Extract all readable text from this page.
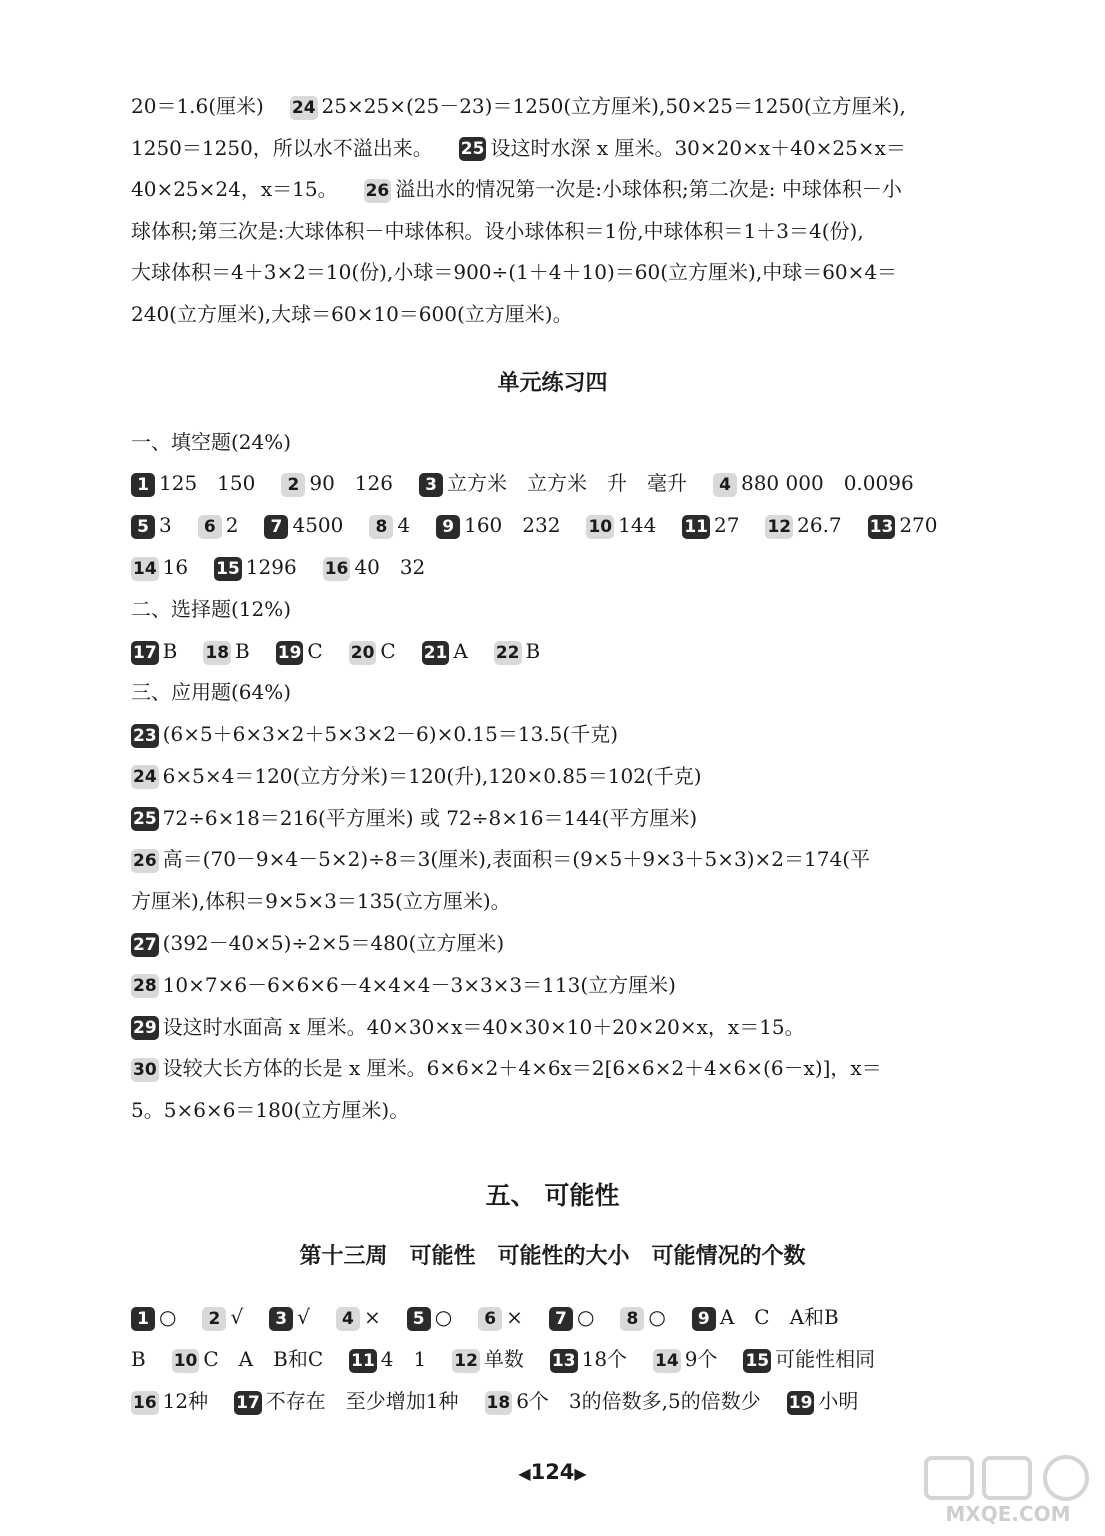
20＝1.6(厘米) 24 25×25×(25－23)＝1250(立方厘米),50×25＝1250(立方厘米),
1250＝1250，所以水不溢出来。 25 设这时水深 x 厘米。30×20×x＋40×25×x＝
40×25×24，x＝15。 26 溢出水的情况第一次是:小球体积;第二次是: 中球体积－小
球体积;第三次是:大球体积－中球体积。设小球体积＝1份,中球体积＝1＋3＝4(份),
大球体积＝4＋3×2＝10(份),小球＝900÷(1＋4＋10)＝60(立方厘米),中球＝60×4＝
240(立方厘米),大球＝60×10＝600(立方厘米)。
单元练习四
一、填空题(24%)
1 125　150 2 90　126 3 立方米　立方米　升　毫升 4 880 000　0.0096
5 3 6 2 7 4500 8 4 9 160　232 10 144 11 27 12 26.7 13 270
14 16 15 1296 16 40　32
二、选择题(12%)
17 B 18 B 19 C 20 C 21 A 22 B
三、应用题(64%)
23 (6×5＋6×3×2＋5×3×2－6)×0.15＝13.5(千克)
24 6×5×4＝120(立方分米)＝120(升),120×0.85＝102(千克)
25 72÷6×18＝216(平方厘米) 或 72÷8×16＝144(平方厘米)
26 高＝(70－9×4－5×2)÷8＝3(厘米),表面积＝(9×5＋9×3＋5×3)×2＝174(平
方厘米),体积＝9×5×3＝135(立方厘米)。
27 (392－40×5)÷2×5＝480(立方厘米)
28 10×7×6－6×6×6－4×4×4－3×3×3＝113(立方厘米)
29 设这时水面高 x 厘米。40×30×x＝40×30×10＋20×20×x，x＝15。
30 设较大长方体的长是 x 厘米。6×6×2＋4×6x＝2[6×6×2＋4×6×(6－x)]，x＝
5。5×6×6＝180(立方厘米)。
五、 可能性
第十三周　可能性　可能性的大小　可能情况的个数
1 ○ 2 √ 3 √ 4 × 5 ○ 6 × 7 ○ 8 ○ 9 A　C　A和B
B 10 C　A　B和C 11 4　1 12 单数 13 18个 14 9个 15 可能性相同
16 12种 17 不存在　至少增加1种 18 6个　3的倍数多,5的倍数少 19 小明
◀124▶
MXQE.COM
